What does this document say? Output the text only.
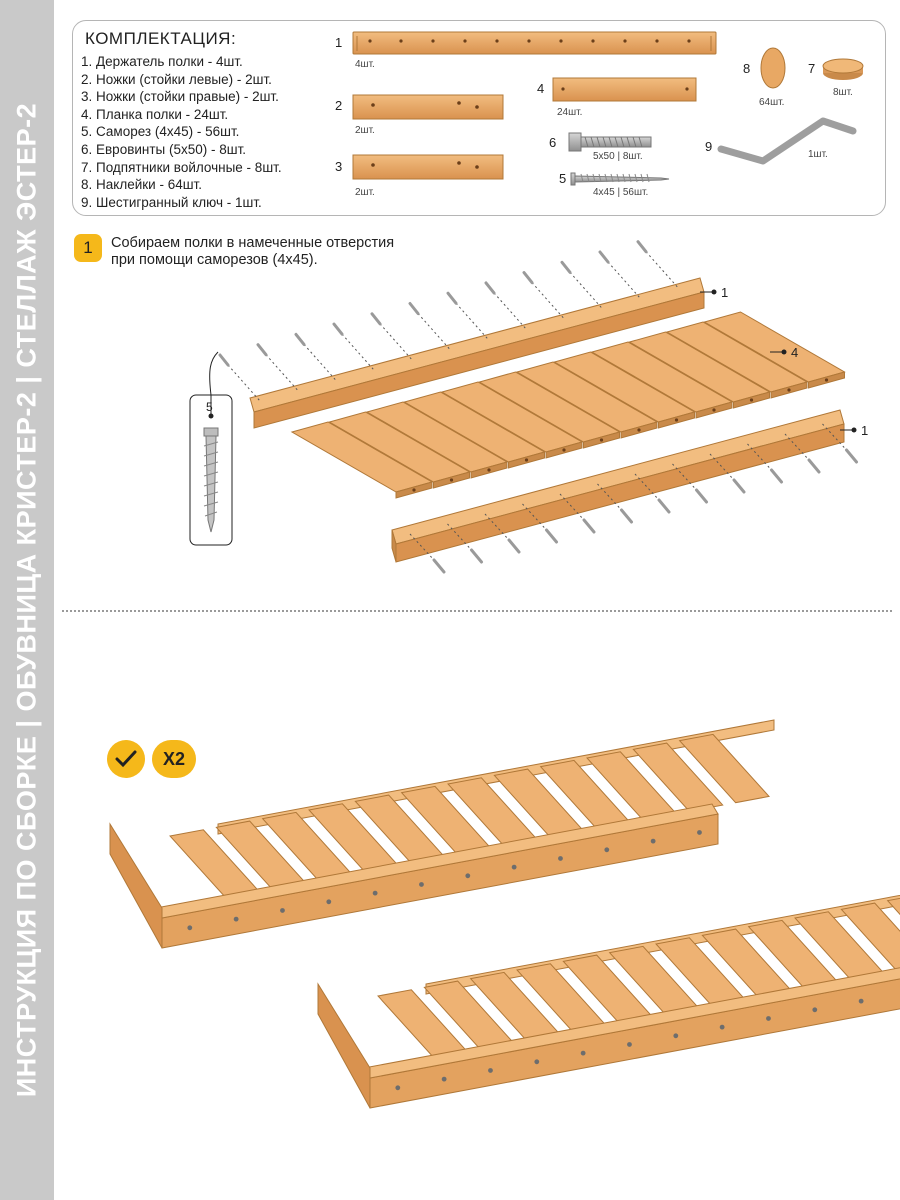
ИНСТРУКЦИЯ ПО СБОРКЕ | ОБУВНИЦА КРИСТЕР-2 | СТЕЛЛАЖ ЭСТЕР-2
КОМПЛЕКТАЦИЯ:
1. Держатель полки - 4шт.
2. Ножки (стойки левые) - 2шт.
3. Ножки (стойки правые) - 2шт.
4. Планка полки - 24шт.
5. Саморез (4х45) - 56шт.
6. Евровинты (5х50) - 8шт.
7. Подпятники войлочные - 8шт.
8. Наклейки - 64шт.
9. Шестигранный ключ - 1шт.
1
4шт.
2
2шт.
3
2шт.
4
24шт.
5
4х45 | 56шт.
6
5х50 | 8шт.
7
8шт.
8
64шт.
9
1шт.
1	Собираем полки в намеченные отверстия
при помощи саморезов (4х45).
1
4
1
5
X2
